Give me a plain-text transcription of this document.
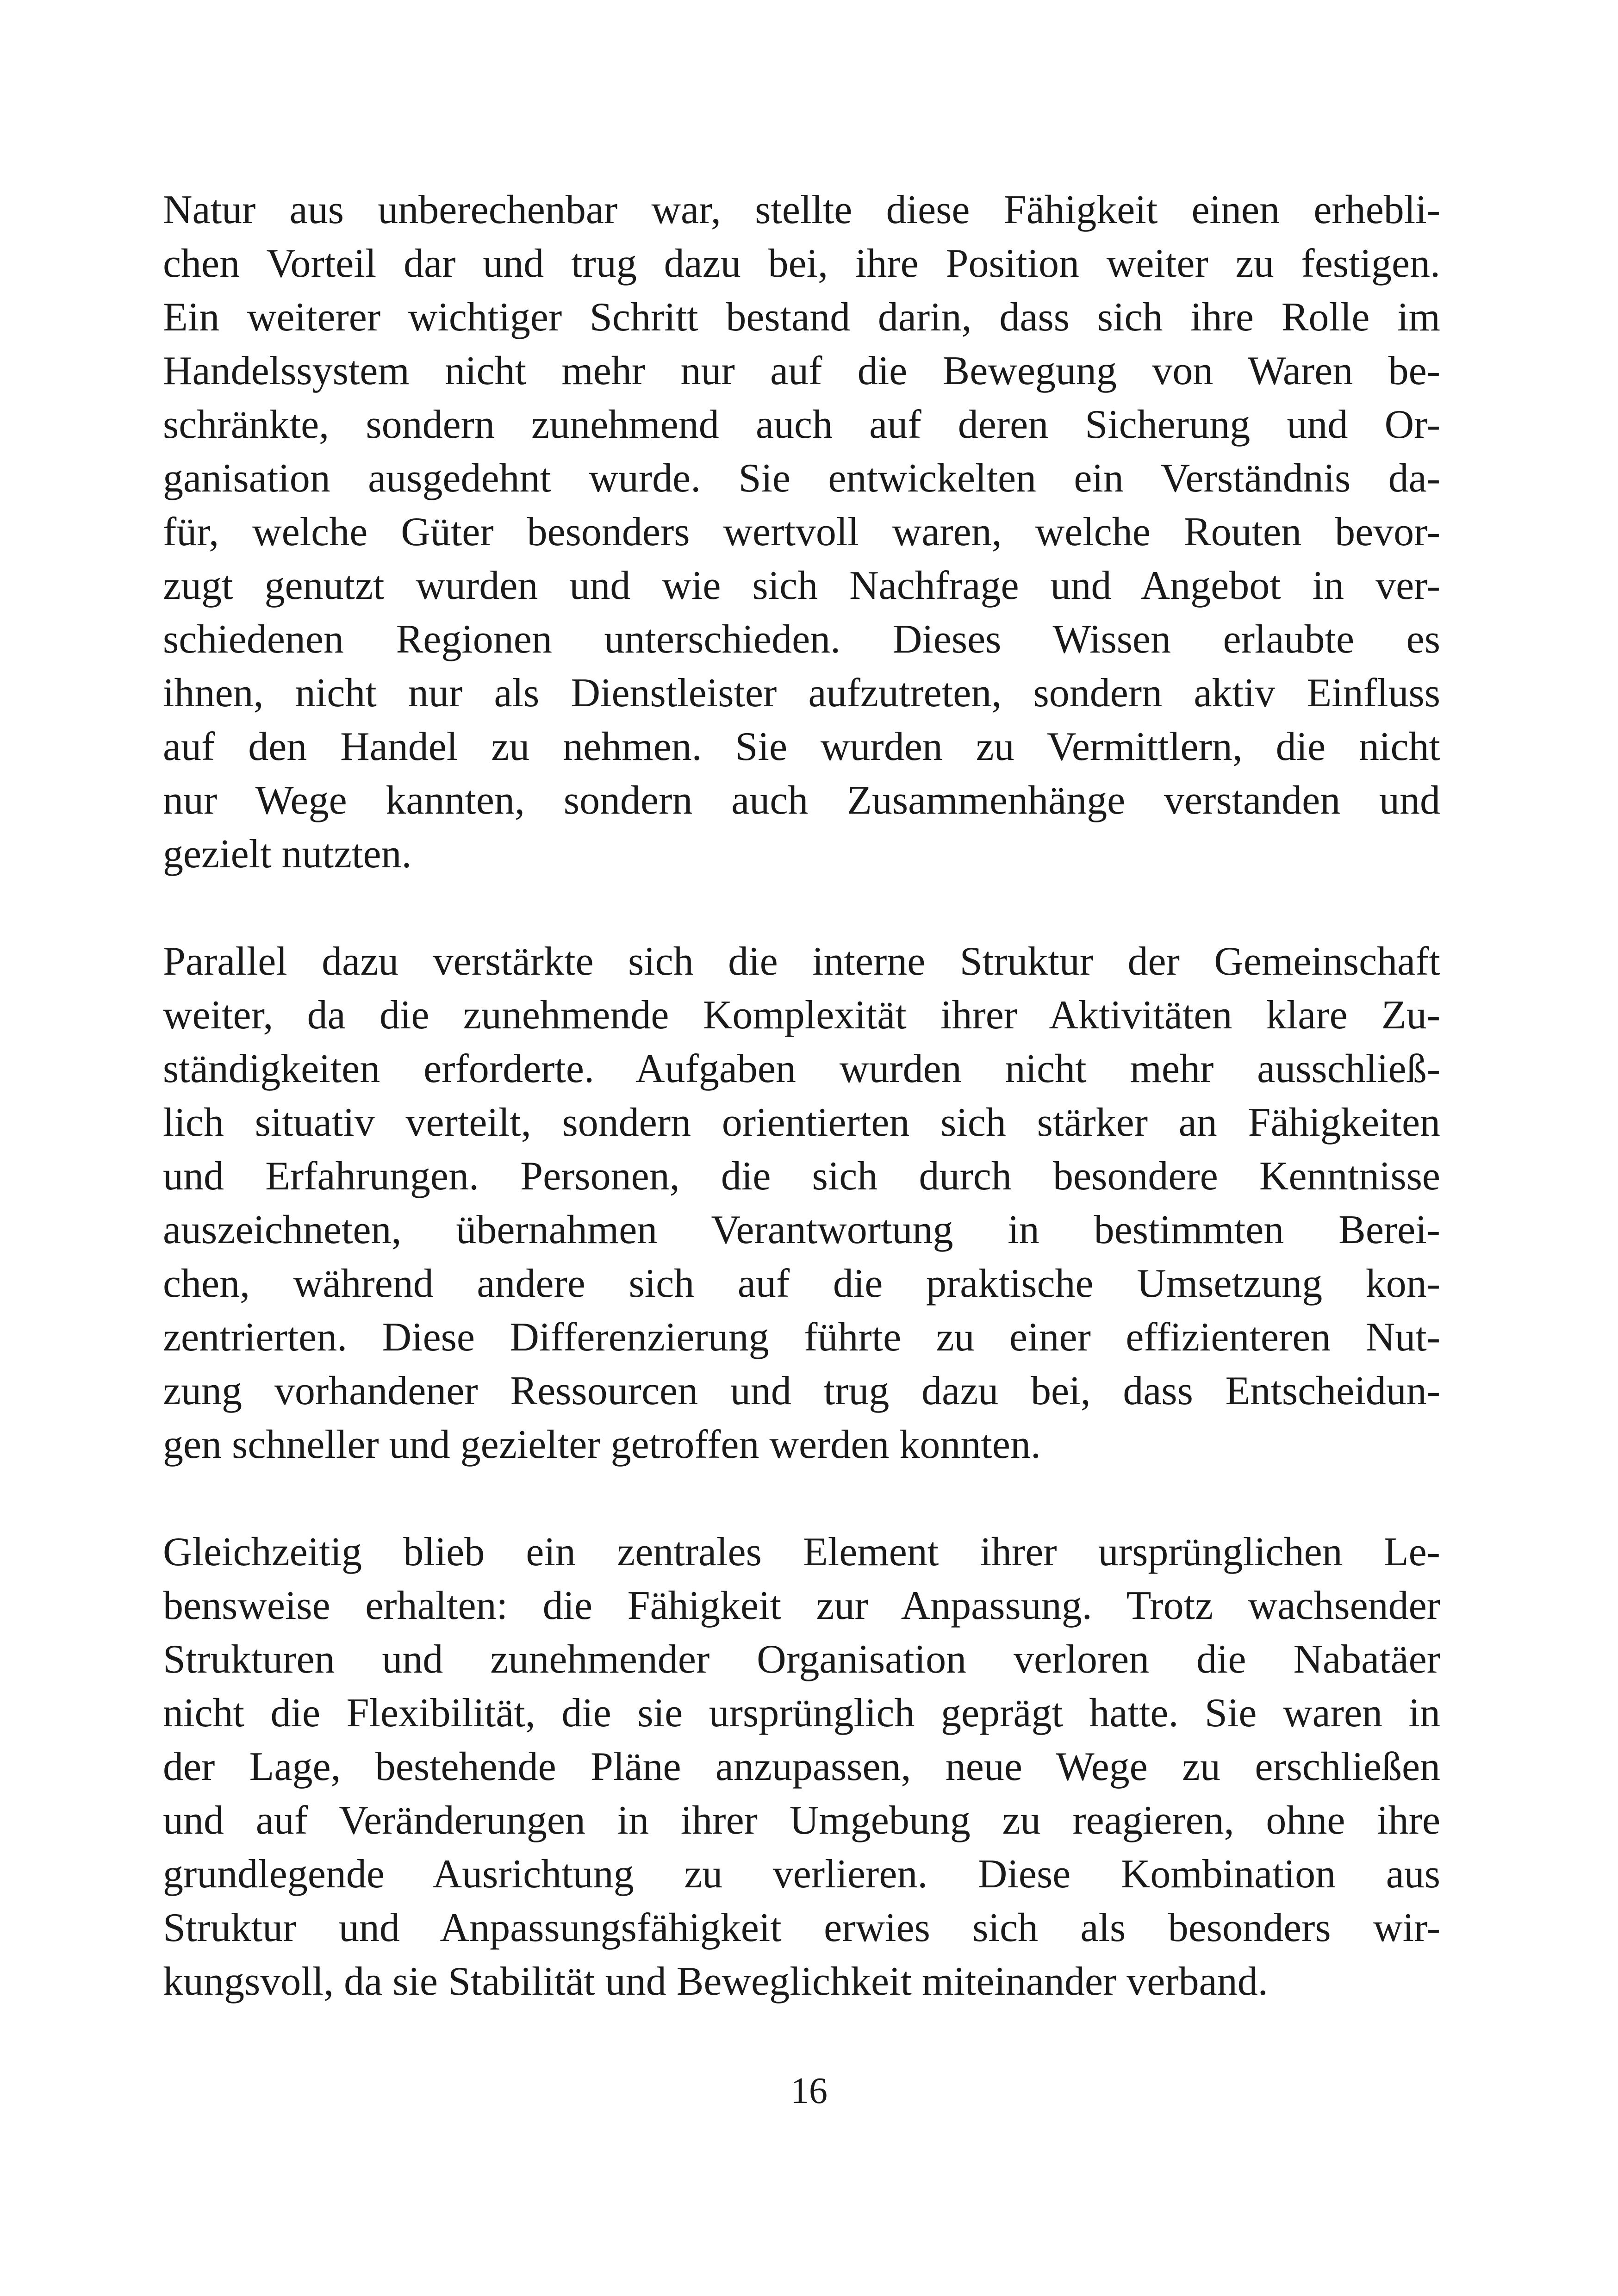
Natur aus unberechenbar war, stellte diese Fähigkeit einen erhebli-
chen Vorteil dar und trug dazu bei, ihre Position weiter zu festigen.
Ein weiterer wichtiger Schritt bestand darin, dass sich ihre Rolle im
Handelssystem nicht mehr nur auf die Bewegung von Waren be-
schränkte, sondern zunehmend auch auf deren Sicherung und Or-
ganisation ausgedehnt wurde. Sie entwickelten ein Verständnis da-
für, welche Güter besonders wertvoll waren, welche Routen bevor-
zugt genutzt wurden und wie sich Nachfrage und Angebot in ver-
schiedenen Regionen unterschieden. Dieses Wissen erlaubte es
ihnen, nicht nur als Dienstleister aufzutreten, sondern aktiv Einfluss
auf den Handel zu nehmen. Sie wurden zu Vermittlern, die nicht
nur Wege kannten, sondern auch Zusammenhänge verstanden und
gezielt nutzten.

Parallel dazu verstärkte sich die interne Struktur der Gemeinschaft
weiter, da die zunehmende Komplexität ihrer Aktivitäten klare Zu-
ständigkeiten erforderte. Aufgaben wurden nicht mehr ausschließ-
lich situativ verteilt, sondern orientierten sich stärker an Fähigkeiten
und Erfahrungen. Personen, die sich durch besondere Kenntnisse
auszeichneten, übernahmen Verantwortung in bestimmten Berei-
chen, während andere sich auf die praktische Umsetzung kon-
zentrierten. Diese Differenzierung führte zu einer effizienteren Nut-
zung vorhandener Ressourcen und trug dazu bei, dass Entscheidun-
gen schneller und gezielter getroffen werden konnten.

Gleichzeitig blieb ein zentrales Element ihrer ursprünglichen Le-
bensweise erhalten: die Fähigkeit zur Anpassung. Trotz wachsender
Strukturen und zunehmender Organisation verloren die Nabatäer
nicht die Flexibilität, die sie ursprünglich geprägt hatte. Sie waren in
der Lage, bestehende Pläne anzupassen, neue Wege zu erschließen
und auf Veränderungen in ihrer Umgebung zu reagieren, ohne ihre
grundlegende Ausrichtung zu verlieren. Diese Kombination aus
Struktur und Anpassungsfähigkeit erwies sich als besonders wir-
kungsvoll, da sie Stabilität und Beweglichkeit miteinander verband.

16
